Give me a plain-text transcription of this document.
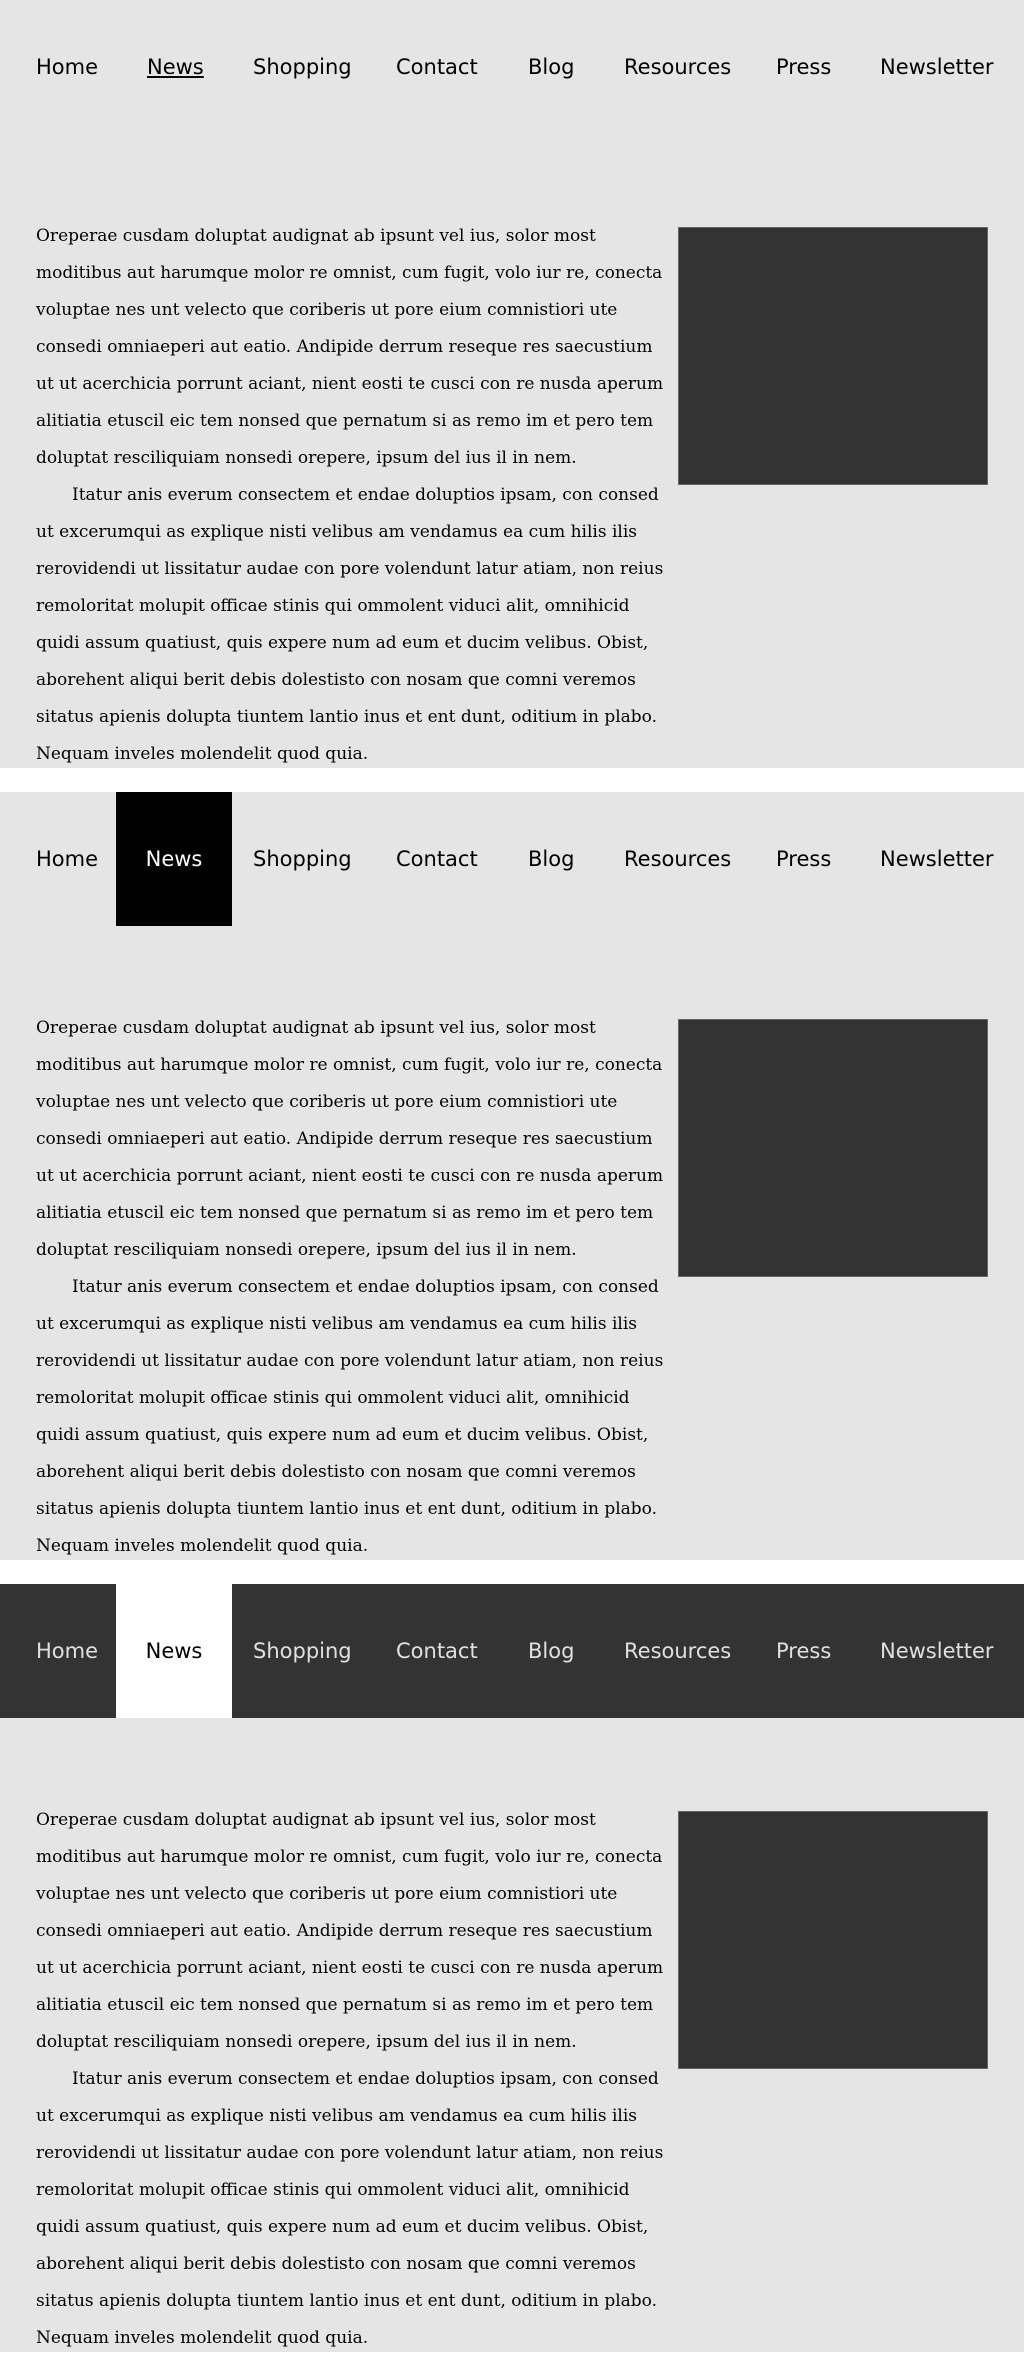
Home News Shopping Contact Blog Resources Press Newsletter

Oreperae cusdam doluptat audignat ab ipsunt vel ius, solor most moditibus aut harumque molor re omnist, cum fugit, volo iur re, conecta voluptae nes unt velecto que coriberis ut pore eium comnistiori ute consedi omniaeperi aut eatio. Andipide derrum reseque res saecustium ut ut acerchicia porrunt aciant, nient eosti te cusci con re nusda aperum alitiatia etuscil eic tem nonsed que pernatum si as remo im et pero tem doluptat resciliquiam nonsedi orepere, ipsum del ius il in nem.

Itatur anis everum consectem et endae doluptios ipsam, con consed ut excerumqui as explique nisti velibus am vendamus ea cum hilis ilis rerovidendi ut lissitatur audae con pore volendunt latur atiam, non reius remoloritat molupit officae stinis qui ommolent viduci alit, omnihicid quidi assum quatiust, quis expere num ad eum et ducim velibus. Obist, aborehent aliqui berit debis dolestisto con nosam que comni veremos sitatus apienis dolupta tiuntem lantio inus et ent dunt, oditium in plabo. Nequam inveles molendelit quod quia.

Home	News	Shopping Contact Blog Resources Press Newsletter

Oreperae cusdam doluptat audignat ab ipsunt vel ius, solor most moditibus aut harumque molor re omnist, cum fugit, volo iur re, conecta voluptae nes unt velecto que coriberis ut pore eium comnistiori ute consedi omniaeperi aut eatio. Andipide derrum reseque res saecustium ut ut acerchicia porrunt aciant, nient eosti te cusci con re nusda aperum alitiatia etuscil eic tem nonsed que pernatum si as remo im et pero tem doluptat resciliquiam nonsedi orepere, ipsum del ius il in nem.

Itatur anis everum consectem et endae doluptios ipsam, con consed ut excerumqui as explique nisti velibus am vendamus ea cum hilis ilis rerovidendi ut lissitatur audae con pore volendunt latur atiam, non reius remoloritat molupit officae stinis qui ommolent viduci alit, omnihicid quidi assum quatiust, quis expere num ad eum et ducim velibus. Obist, aborehent aliqui berit debis dolestisto con nosam que comni veremos sitatus apienis dolupta tiuntem lantio inus et ent dunt, oditium in plabo. Nequam inveles molendelit quod quia.

Home	News	Shopping Contact Blog Resources Press Newsletter

Oreperae cusdam doluptat audignat ab ipsunt vel ius, solor most moditibus aut harumque molor re omnist, cum fugit, volo iur re, conecta voluptae nes unt velecto que coriberis ut pore eium comnistiori ute consedi omniaeperi aut eatio. Andipide derrum reseque res saecustium ut ut acerchicia porrunt aciant, nient eosti te cusci con re nusda aperum alitiatia etuscil eic tem nonsed que pernatum si as remo im et pero tem doluptat resciliquiam nonsedi orepere, ipsum del ius il in nem.

Itatur anis everum consectem et endae doluptios ipsam, con consed ut excerumqui as explique nisti velibus am vendamus ea cum hilis ilis rerovidendi ut lissitatur audae con pore volendunt latur atiam, non reius remoloritat molupit officae stinis qui ommolent viduci alit, omnihicid quidi assum quatiust, quis expere num ad eum et ducim velibus. Obist, aborehent aliqui berit debis dolestisto con nosam que comni veremos sitatus apienis dolupta tiuntem lantio inus et ent dunt, oditium in plabo. Nequam inveles molendelit quod quia.
